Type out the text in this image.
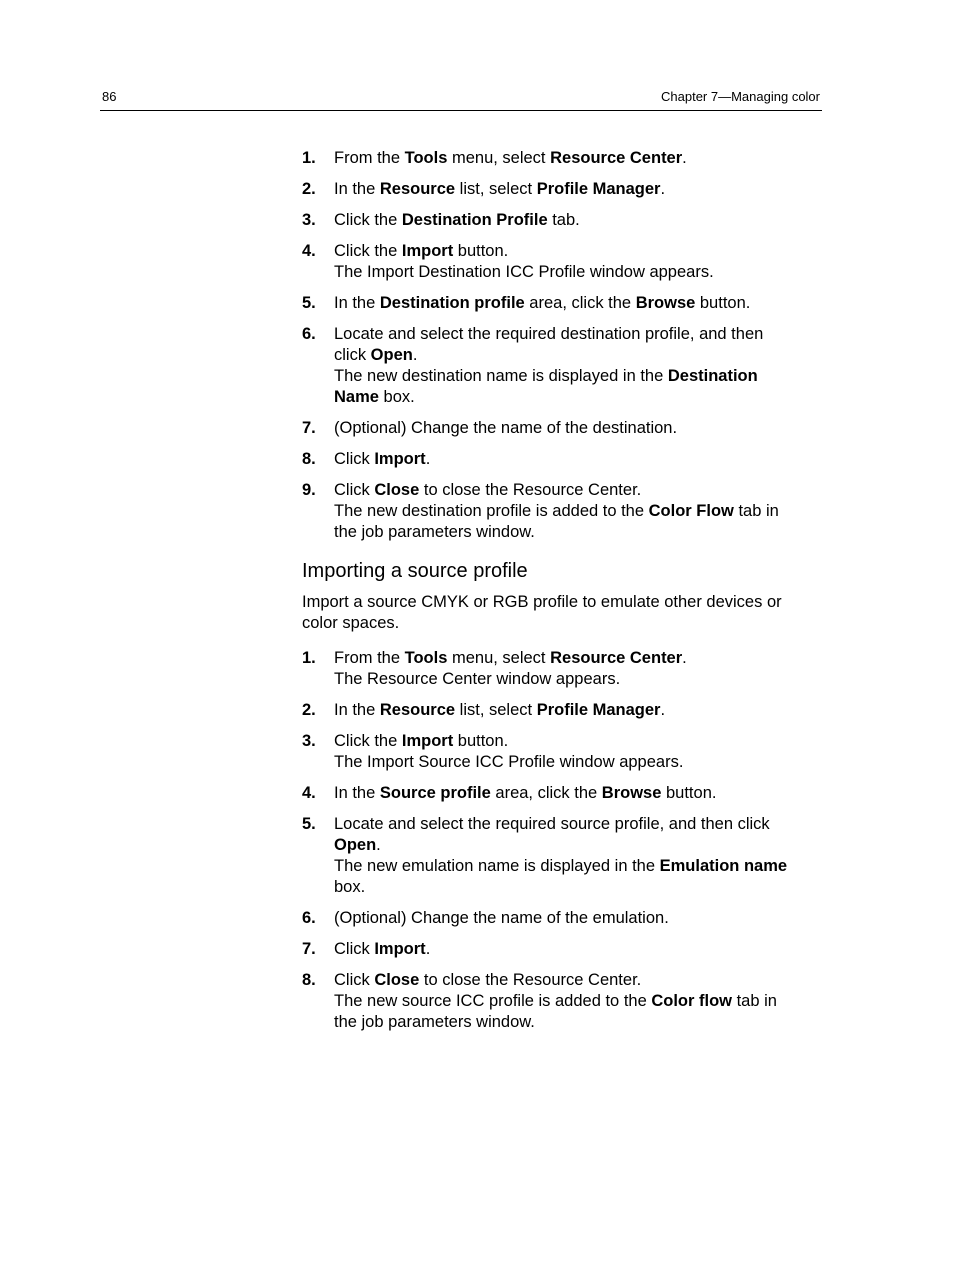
86	Chapter 7—Managing color
1. From the Tools menu, select Resource Center.
2. In the Resource list, select Profile Manager.
3. Click the Destination Profile tab.
4. Click the Import button.
The Import Destination ICC Profile window appears.
5. In the Destination profile area, click the Browse button.
6. Locate and select the required destination profile, and then
click Open.
The new destination name is displayed in the Destination
Name box.
7. (Optional) Change the name of the destination.
8. Click Import.
9. Click Close to close the Resource Center.
The new destination profile is added to the Color Flow tab in
the job parameters window.
Importing a source profile

Import a source CMYK or RGB profile to emulate other devices or
color spaces.

1. From the Tools menu, select Resource Center.
The Resource Center window appears.
2. In the Resource list, select Profile Manager.
3. Click the Import button.
The Import Source ICC Profile window appears.
4. In the Source profile area, click the Browse button.
5. Locate and select the required source profile, and then click
Open.
The new emulation name is displayed in the Emulation name
box.
6. (Optional) Change the name of the emulation.
7. Click Import.
8. Click Close to close the Resource Center.
The new source ICC profile is added to the Color flow tab in
the job parameters window.
